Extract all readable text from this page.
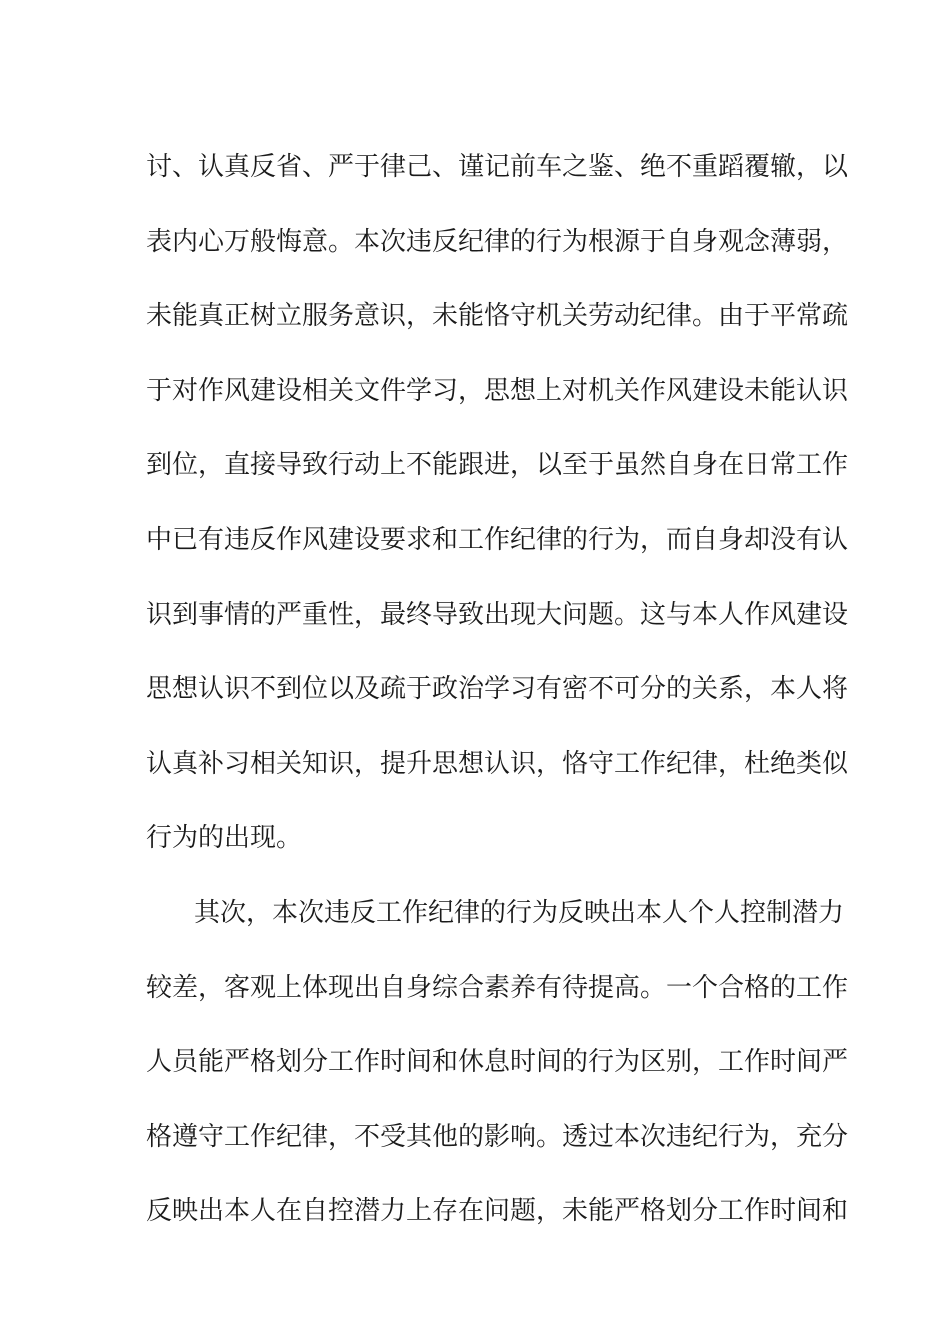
讨、认真反省、严于律己、谨记前车之鉴、绝不重蹈覆辙，以
表内心万般悔意。本次违反纪律的行为根源于自身观念薄弱，
未能真正树立服务意识，未能恪守机关劳动纪律。由于平常疏
于对作风建设相关文件学习，思想上对机关作风建设未能认识
到位，直接导致行动上不能跟进，以至于虽然自身在日常工作
中已有违反作风建设要求和工作纪律的行为，而自身却没有认
识到事情的严重性，最终导致出现大问题。这与本人作风建设
思想认识不到位以及疏于政治学习有密不可分的关系，本人将
认真补习相关知识，提升思想认识，恪守工作纪律，杜绝类似
行为的出现。
其次，本次违反工作纪律的行为反映出本人个人控制潜力
较差，客观上体现出自身综合素养有待提高。一个合格的工作
人员能严格划分工作时间和休息时间的行为区别，工作时间严
格遵守工作纪律，不受其他的影响。透过本次违纪行为，充分
反映出本人在自控潜力上存在问题，未能严格划分工作时间和
